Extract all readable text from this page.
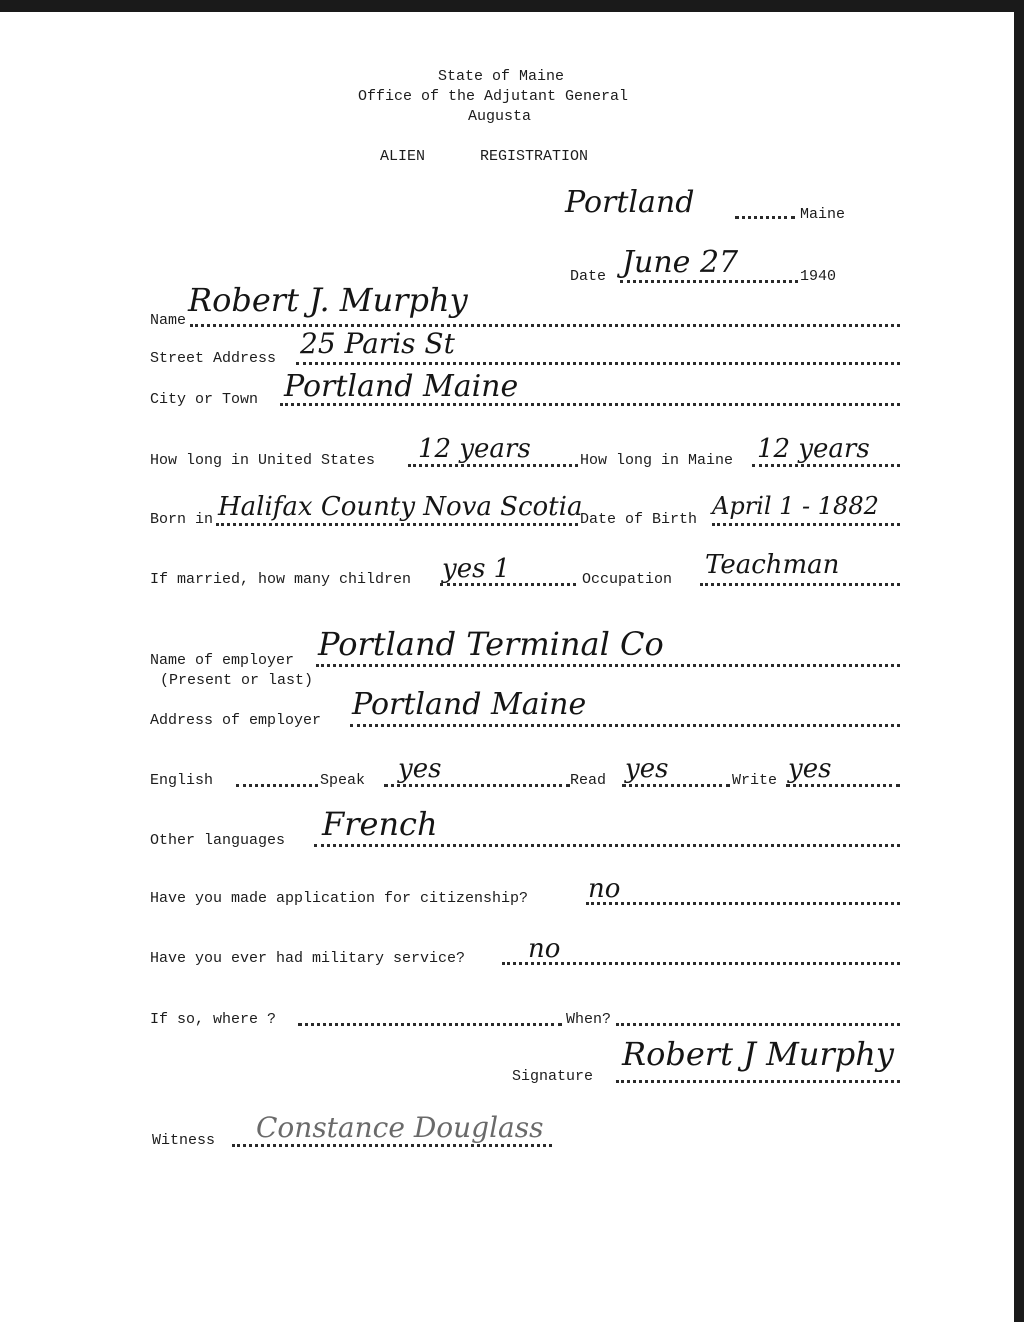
State of Maine
Office of the Adjutant General
Augusta
ALIEN	REGISTRATION
Portland	Maine
Date June 27	1940
Name
Robert J. Murphy
Street Address 25 Paris St
City or Town Portland Maine
How long in United States 12 years	How long in Maine 12 years
Born in Halifax County Nova Scotia
Date of Birth April 1 - 1882
If married, how many children yes 1	Occupation Teachman
Name of employer Portland Terminal Co
(Present or last)
Address of employer Portland Maine
English	Speak yes	Read yes	Write yes
Other languages French
Have you made application for citizenship? no
Have you ever had military service? no
If so, where ?	When?
Signature
Robert J Murphy
Witness Constance Douglass
